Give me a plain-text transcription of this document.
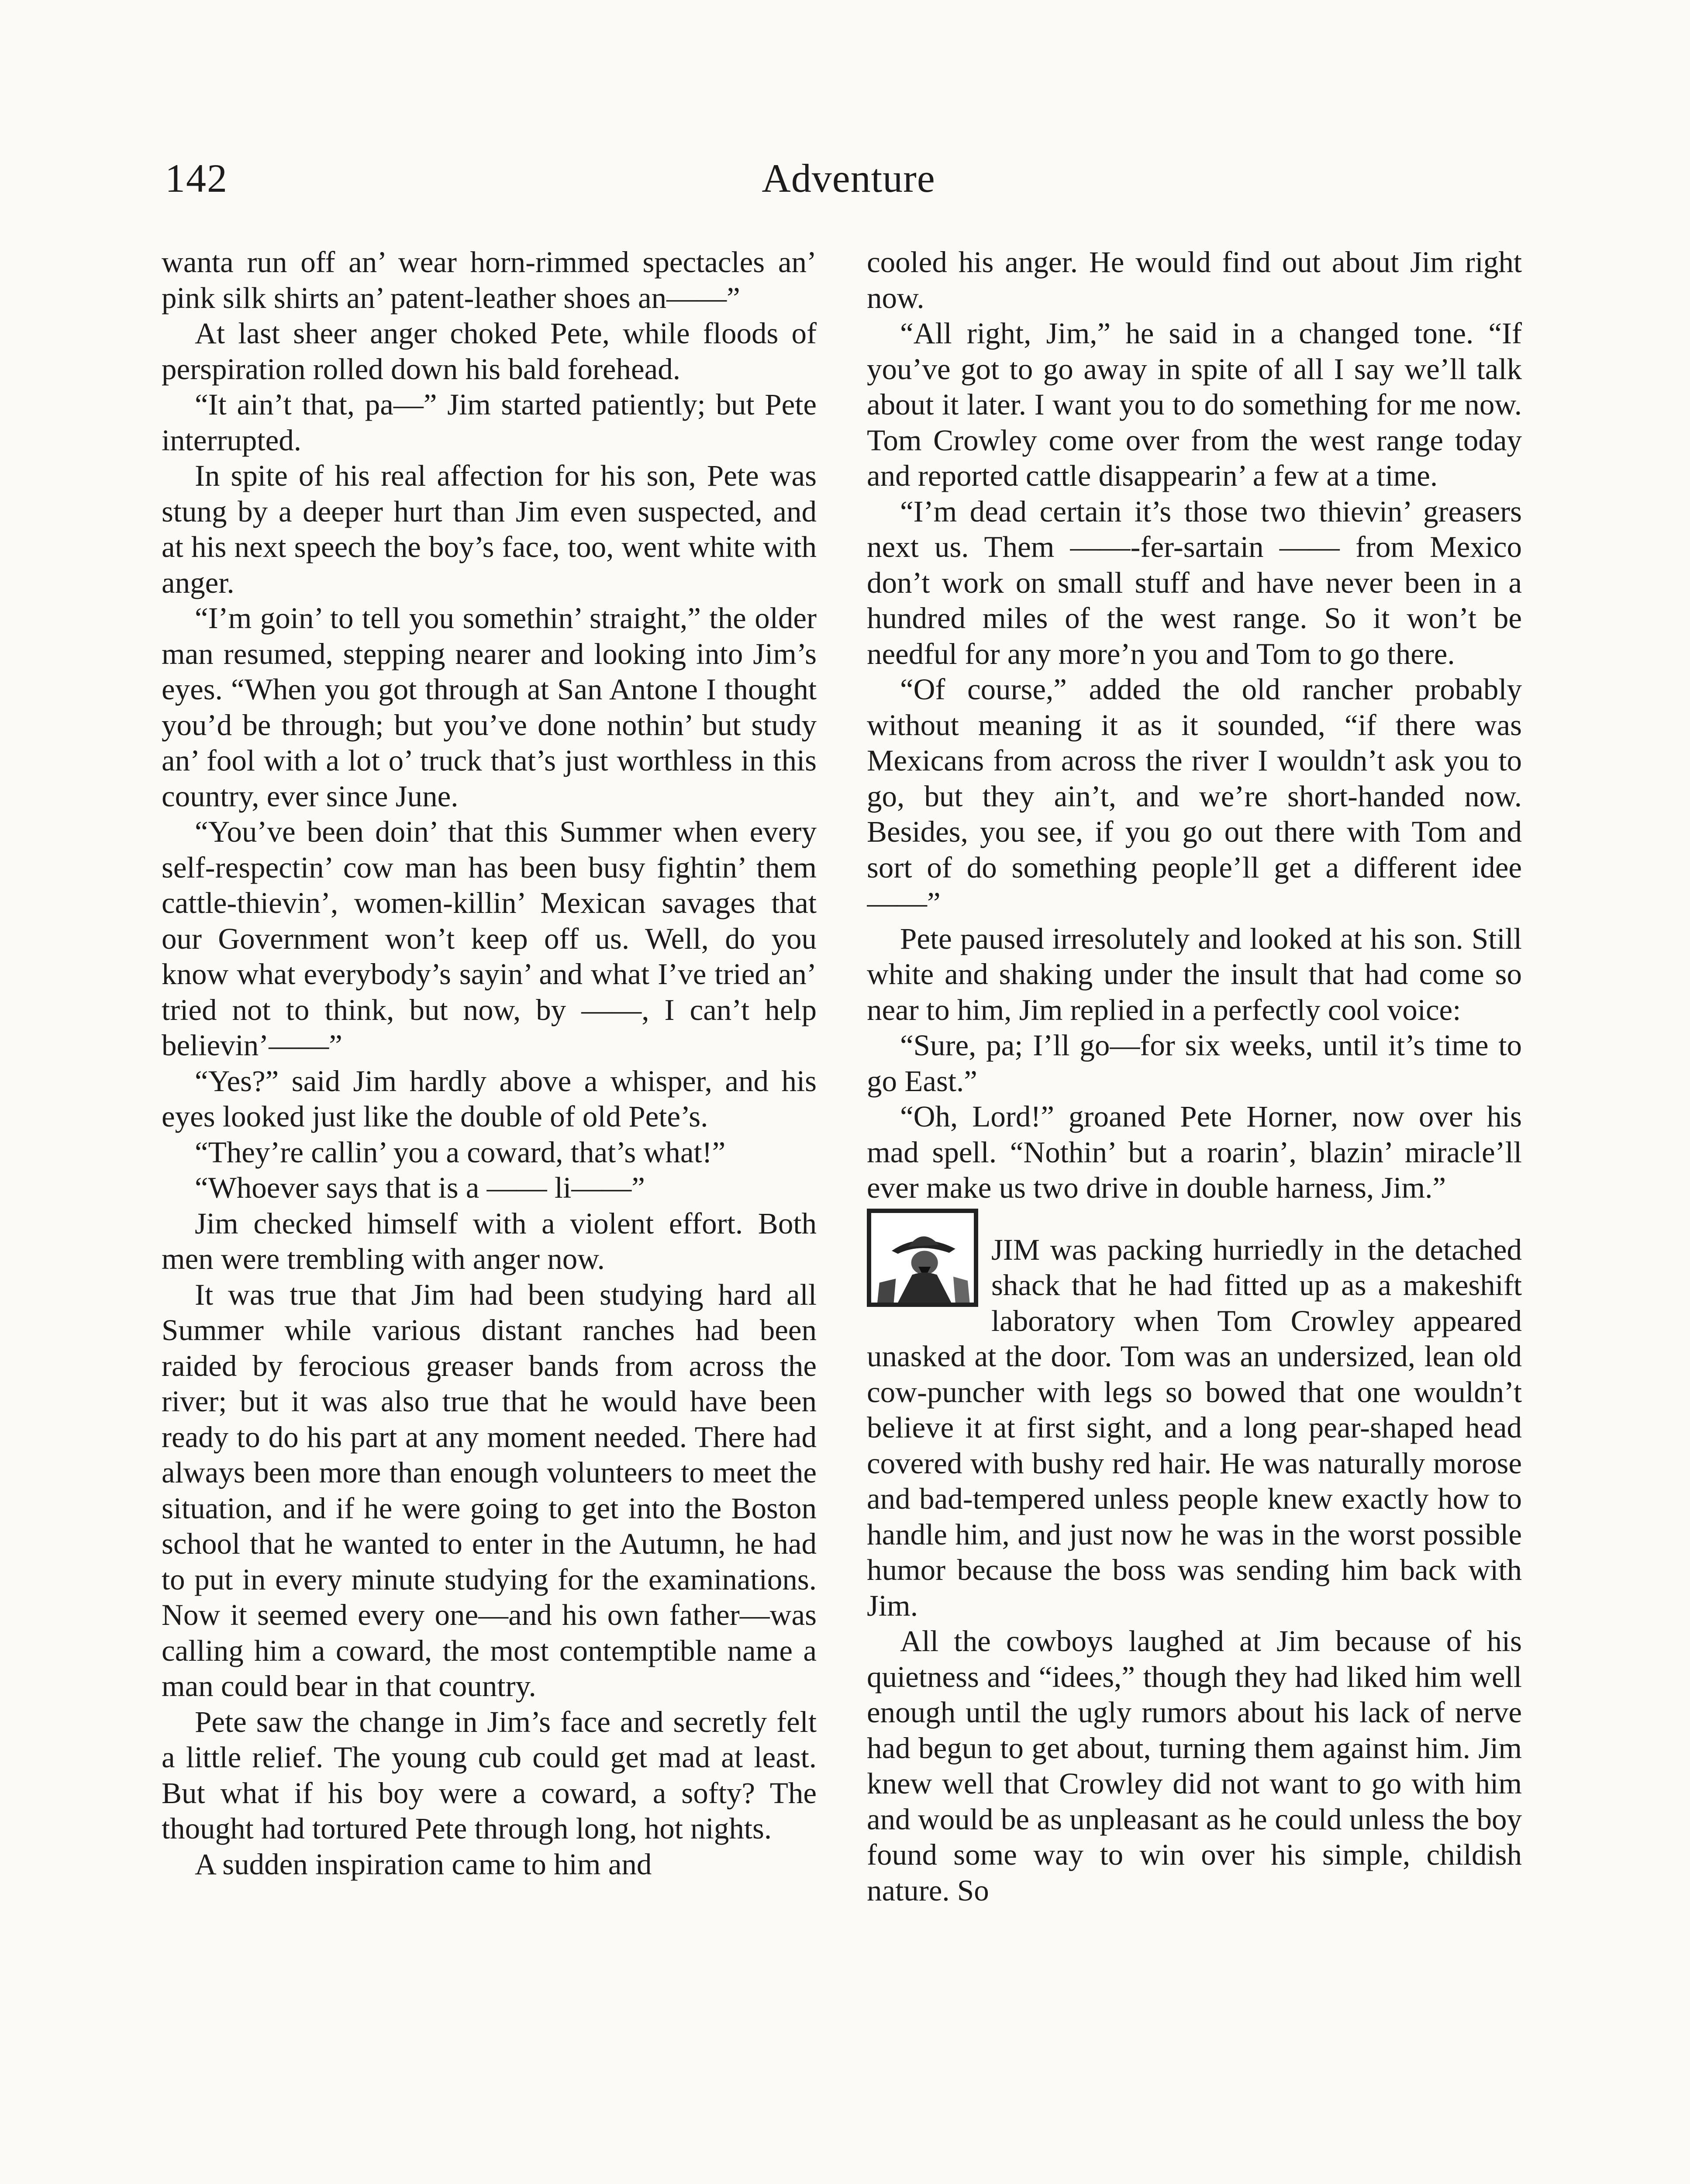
142	Adventure

wanta run off an’ wear horn-rimmed spectacles an’ pink silk shirts an’ patent-leather shoes an——”

At last sheer anger choked Pete, while floods of perspiration rolled down his bald forehead.

“It ain’t that, pa—” Jim started patiently; but Pete interrupted.

In spite of his real affection for his son, Pete was stung by a deeper hurt than Jim even suspected, and at his next speech the boy’s face, too, went white with anger.

“I’m goin’ to tell you somethin’ straight,” the older man resumed, stepping nearer and looking into Jim’s eyes. “When you got through at San Antone I thought you’d be through; but you’ve done nothin’ but study an’ fool with a lot o’ truck that’s just worthless in this country, ever since June.

“You’ve been doin’ that this Summer when every self-respectin’ cow man has been busy fightin’ them cattle-thievin’, women-killin’ Mexican savages that our Government won’t keep off us. Well, do you know what everybody’s sayin’ and what I’ve tried an’ tried not to think, but now, by ——, I can’t help believin’——”

“Yes?” said Jim hardly above a whisper, and his eyes looked just like the double of old Pete’s.

“They’re callin’ you a coward, that’s what!”

“Whoever says that is a —— li——”

Jim checked himself with a violent effort. Both men were trembling with anger now.

It was true that Jim had been studying hard all Summer while various distant ranches had been raided by ferocious greaser bands from across the river; but it was also true that he would have been ready to do his part at any moment needed. There had always been more than enough volunteers to meet the situation, and if he were going to get into the Boston school that he wanted to enter in the Autumn, he had to put in every minute studying for the examinations. Now it seemed every one—and his own father—was calling him a coward, the most contemptible name a man could bear in that country.

Pete saw the change in Jim’s face and secretly felt a little relief. The young cub could get mad at least. But what if his boy were a coward, a softy? The thought had tortured Pete through long, hot nights.

A sudden inspiration came to him and

cooled his anger. He would find out about Jim right now.

“All right, Jim,” he said in a changed tone. “If you’ve got to go away in spite of all I say we’ll talk about it later. I want you to do something for me now. Tom Crowley come over from the west range today and reported cattle disappearin’ a few at a time.

“I’m dead certain it’s those two thievin’ greasers next us. Them ——-fer-sartain —— from Mexico don’t work on small stuff and have never been in a hundred miles of the west range. So it won’t be needful for any more’n you and Tom to go there.

“Of course,” added the old rancher probably without meaning it as it sounded, “if there was Mexicans from across the river I wouldn’t ask you to go, but they ain’t, and we’re short-handed now. Besides, you see, if you go out there with Tom and sort of do something people’ll get a different idee——”

Pete paused irresolutely and looked at his son. Still white and shaking under the insult that had come so near to him, Jim replied in a perfectly cool voice:

“Sure, pa; I’ll go—for six weeks, until it’s time to go East.”

“Oh, Lord!” groaned Pete Horner, now over his mad spell. “Nothin’ but a roarin’, blazin’ miracle’ll ever make us two drive in double harness, Jim.”

JIM was packing hurriedly in the detached shack that he had fitted up as a makeshift laboratory when Tom Crowley appeared unasked at the door. Tom was an undersized, lean old cow-puncher with legs so bowed that one wouldn’t believe it at first sight, and a long pear-shaped head covered with bushy red hair. He was naturally morose and bad-tempered unless people knew exactly how to handle him, and just now he was in the worst possible humor because the boss was sending him back with Jim.

All the cowboys laughed at Jim because of his quietness and “idees,” though they had liked him well enough until the ugly rumors about his lack of nerve had begun to get about, turning them against him. Jim knew well that Crowley did not want to go with him and would be as unpleasant as he could unless the boy found some way to win over his simple, childish nature. So
